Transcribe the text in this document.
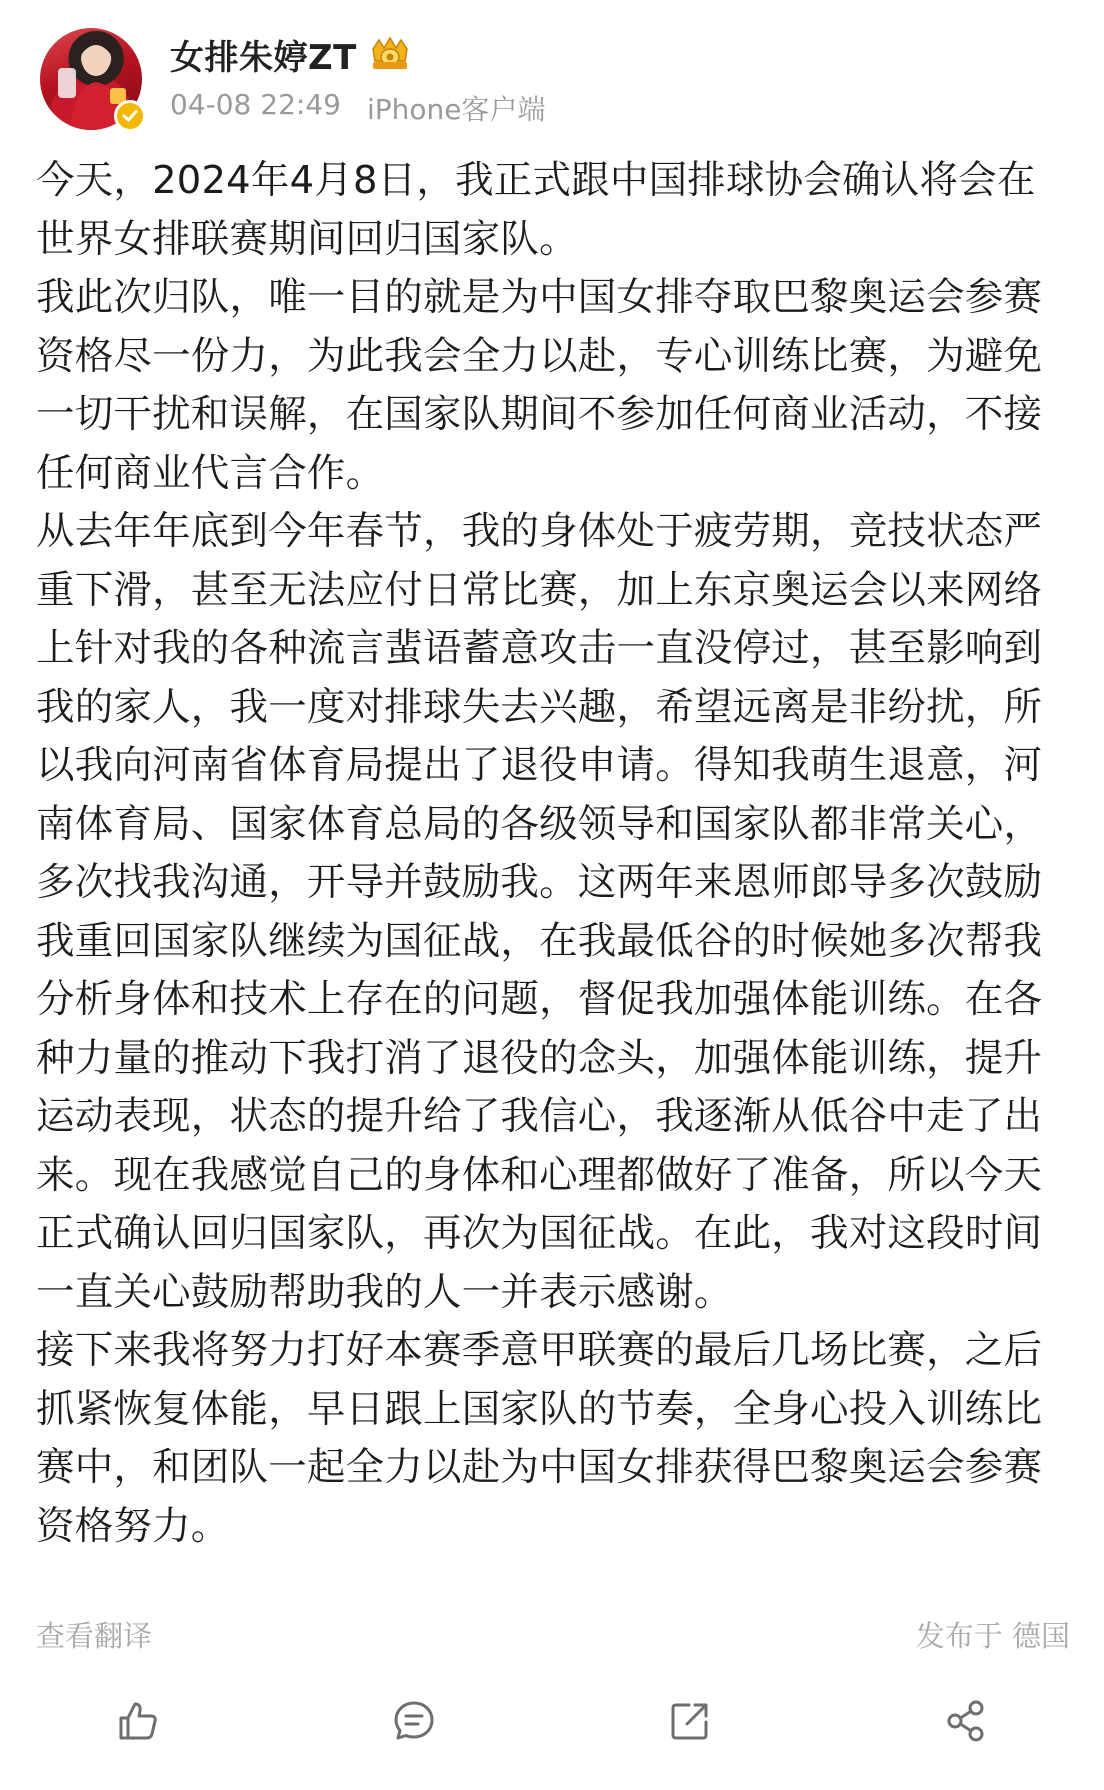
女排朱婷ZT
04-08 22:49 iPhone客户端

今天，2024年4月8日，我正式跟中国排球协会确认将会在世界女排联赛期间回归国家队。

我此次归队，唯一目的就是为中国女排夺取巴黎奥运会参赛资格尽一份力，为此我会全力以赴，专心训练比赛，为避免一切干扰和误解，在国家队期间不参加任何商业活动，不接任何商业代言合作。

从去年年底到今年春节，我的身体处于疲劳期，竞技状态严重下滑，甚至无法应付日常比赛，加上东京奥运会以来网络上针对我的各种流言蜚语蓄意攻击一直没停过，甚至影响到我的家人，我一度对排球失去兴趣，希望远离是非纷扰，所以我向河南省体育局提出了退役申请。得知我萌生退意，河南体育局、国家体育总局的各级领导和国家队都非常关心，多次找我沟通，开导并鼓励我。这两年来恩师郎导多次鼓励我重回国家队继续为国征战，在我最低谷的时候她多次帮我分析身体和技术上存在的问题，督促我加强体能训练。在各种力量的推动下我打消了退役的念头，加强体能训练，提升运动表现，状态的提升给了我信心，我逐渐从低谷中走了出来。现在我感觉自己的身体和心理都做好了准备，所以今天正式确认回归国家队，再次为国征战。在此，我对这段时间一直关心鼓励帮助我的人一并表示感谢。

接下来我将努力打好本赛季意甲联赛的最后几场比赛，之后抓紧恢复体能，早日跟上国家队的节奏，全身心投入训练比赛中，和团队一起全力以赴为中国女排获得巴黎奥运会参赛资格努力。

查看翻译	发布于 德国
